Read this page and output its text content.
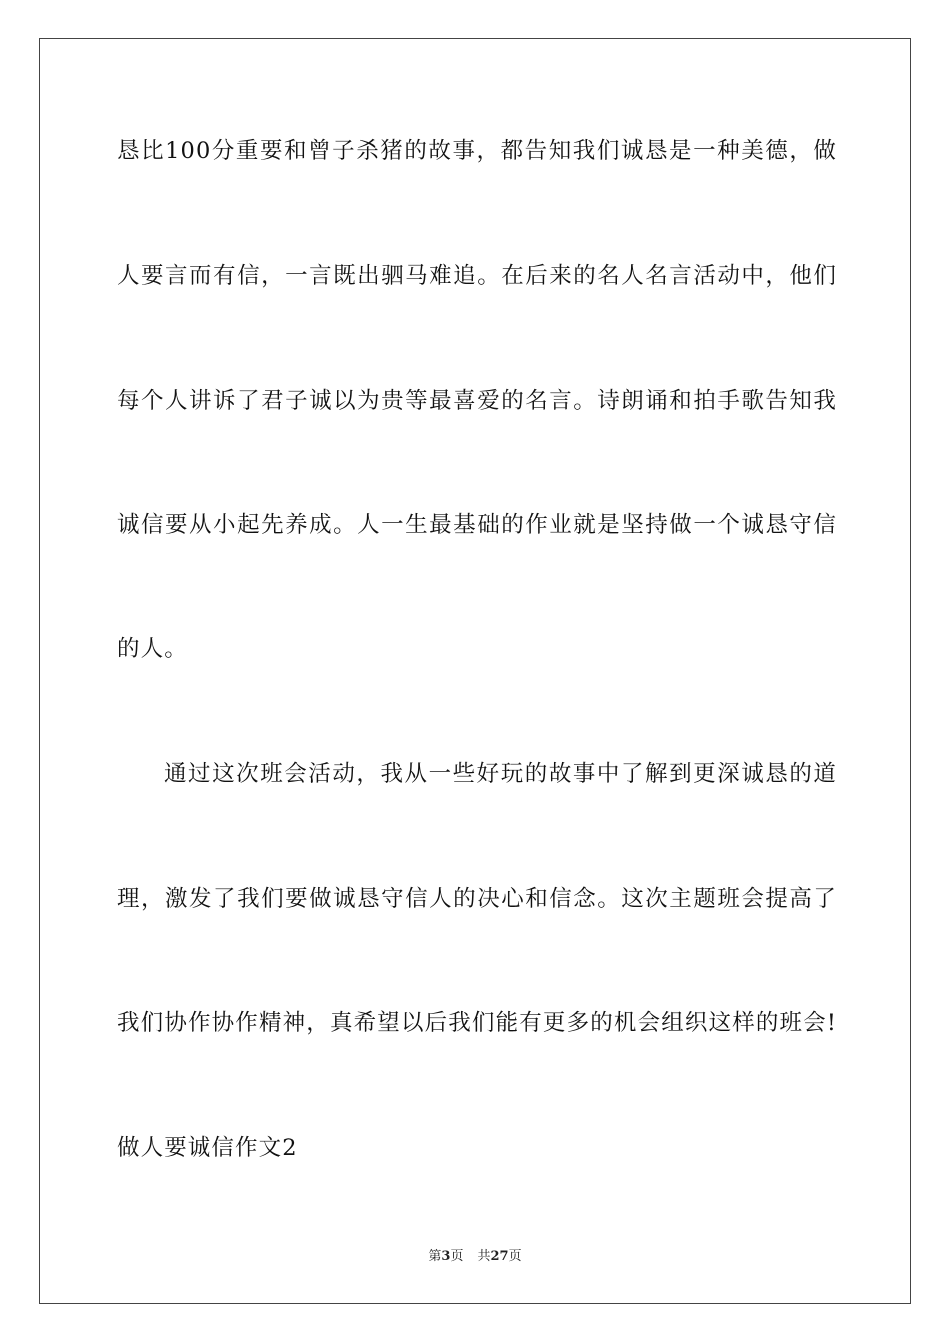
恳比100分重要和曾子杀猪的故事，都告知我们诚恳是一种美德，做
人要言而有信，一言既出驷马难追。在后来的名人名言活动中，他们
每个人讲诉了君子诚以为贵等最喜爱的名言。诗朗诵和拍手歌告知我
诚信要从小起先养成。人一生最基础的作业就是坚持做一个诚恳守信
的人。
通过这次班会活动，我从一些好玩的故事中了解到更深诚恳的道
理，激发了我们要做诚恳守信人的决心和信念。这次主题班会提高了
我们协作协作精神，真希望以后我们能有更多的机会组织这样的班会!
做人要诚信作文2
第3页 共27页
